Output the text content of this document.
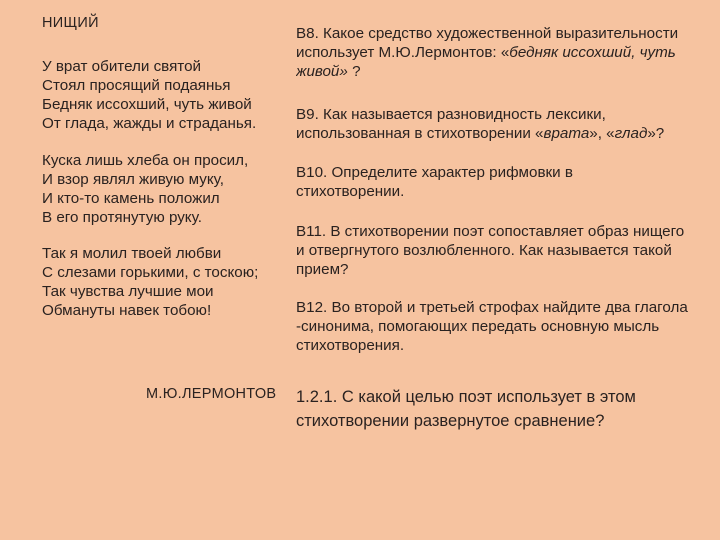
НИЩИЙ
У врат обители святой
Стоял просящий подаянья
Бедняк иссохший, чуть живой
От глада, жажды и страданья.
Куска лишь хлеба он просил,
И взор являл живую муку,
И кто-то камень положил
В его протянутую руку.
Так я молил твоей любви
С слезами горькими, с тоскою;
Так чувства лучшие мои
Обмануты навек тобою!
М.Ю.ЛЕРМОНТОВ
В8. Какое средство художественной выразительности
использует М.Ю.Лермонтов: «бедняк иссохший, чуть
живой» ?
В9. Как называется разновидность лексики,
использованная в стихотворении «врата», «глад»?
В10. Определите характер рифмовки в
стихотворении.
В11. В стихотворении поэт сопоставляет образ нищего
и отвергнутого возлюбленного. Как называется такой
прием?
В12. Во второй и третьей строфах найдите два глагола
-синонима, помогающих передать основную мысль
стихотворения.
1.2.1. С какой целью поэт использует в этом
стихотворении развернутое сравнение?
